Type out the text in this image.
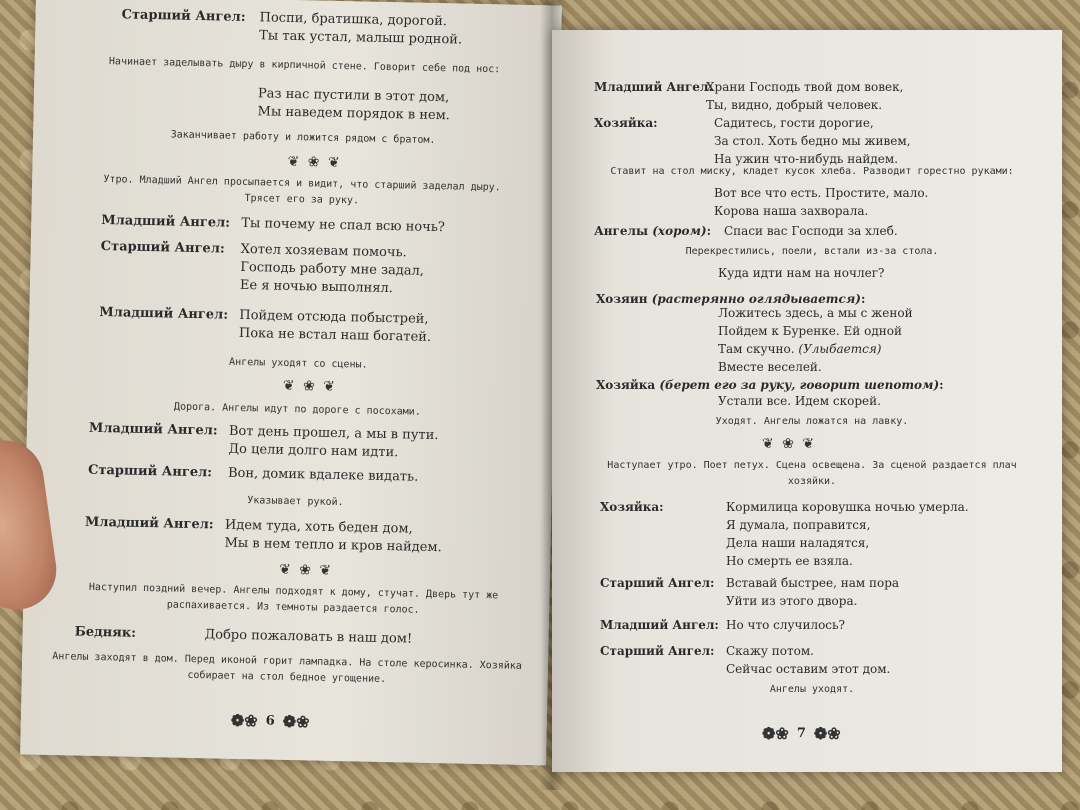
Старший Ангел:	Поспи, братишка, дорогой.
Ты так устал, малыш родной.
Начинает заделывать дыру в кирпичной стене. Говорит себе под нос:
Раз нас пустили в этот дом,
Мы наведем порядок в нем.
Заканчивает работу и ложится рядом с братом.
❦ ❀ ❦
Утро. Младший Ангел просыпается и видит, что старший заделал дыру. Трясет его за руку.
Младший Ангел: Ты почему не спал всю ночь?
Старший Ангел:	Хотел хозяевам помочь.
Господь работу мне задал,
Ее я ночью выполнял.
Младший Ангел: Пойдем отсюда побыстрей,
Пока не встал наш богатей.
Ангелы уходят со сцены.
❦ ❀ ❦
Дорога. Ангелы идут по дороге с посохами.
Младший Ангел: Вот день прошел, а мы в пути.
До цели долго нам идти.
Старший Ангел:	Вон, домик вдалеке видать.
Указывает рукой.
Младший Ангел: Идем туда, хоть беден дом,
Мы в нем тепло и кров найдем.
❦ ❀ ❦
Наступил поздний вечер. Ангелы подходят к дому, стучат. Дверь тут же распахивается. Из темноты раздается голос.
Бедняк:	Добро пожаловать в наш дом!
Ангелы заходят в дом. Перед иконой горит лампадка. На столе керосинка. Хозяйка собирает на стол бедное угощение.
❁❀ 6 ❁❀
Младший Ангел:
Храни Господь твой дом вовек,
Ты, видно, добрый человек.
Хозяйка:	Садитесь, гости дорогие,
За стол. Хоть бедно мы живем,
На ужин что-нибудь найдем.
Ставит на стол миску, кладет кусок хлеба. Разводит горестно руками:
Вот все что есть. Простите, мало.
Корова наша захворала.
Ангелы (хором):	Спаси вас Господи за хлеб.
Перекрестились, поели, встали из-за стола.
Куда идти нам на ночлег?
Хозяин (растерянно оглядывается):
Ложитесь здесь, а мы с женой
Пойдем к Буренке. Ей одной
Там скучно. (Улыбается)
Вместе веселей.
Хозяйка (берет его за руку, говорит шепотом):
Устали все. Идем скорей.
Уходят. Ангелы ложатся на лавку.
❦ ❀ ❦
Наступает утро. Поет петух. Сцена освещена. За сценой раздается плач хозяйки.
Хозяйка:	Кормилица коровушка ночью умерла.
Я думала, поправится,
Дела наши наладятся,
Но смерть ее взяла.
Старший Ангел: Вставай быстрее, нам пора
Уйти из этого двора.
Младший Ангел: Но что случилось?
Старший Ангел: Скажу потом.
Сейчас оставим этот дом.
Ангелы уходят.
❁❀ 7 ❁❀
